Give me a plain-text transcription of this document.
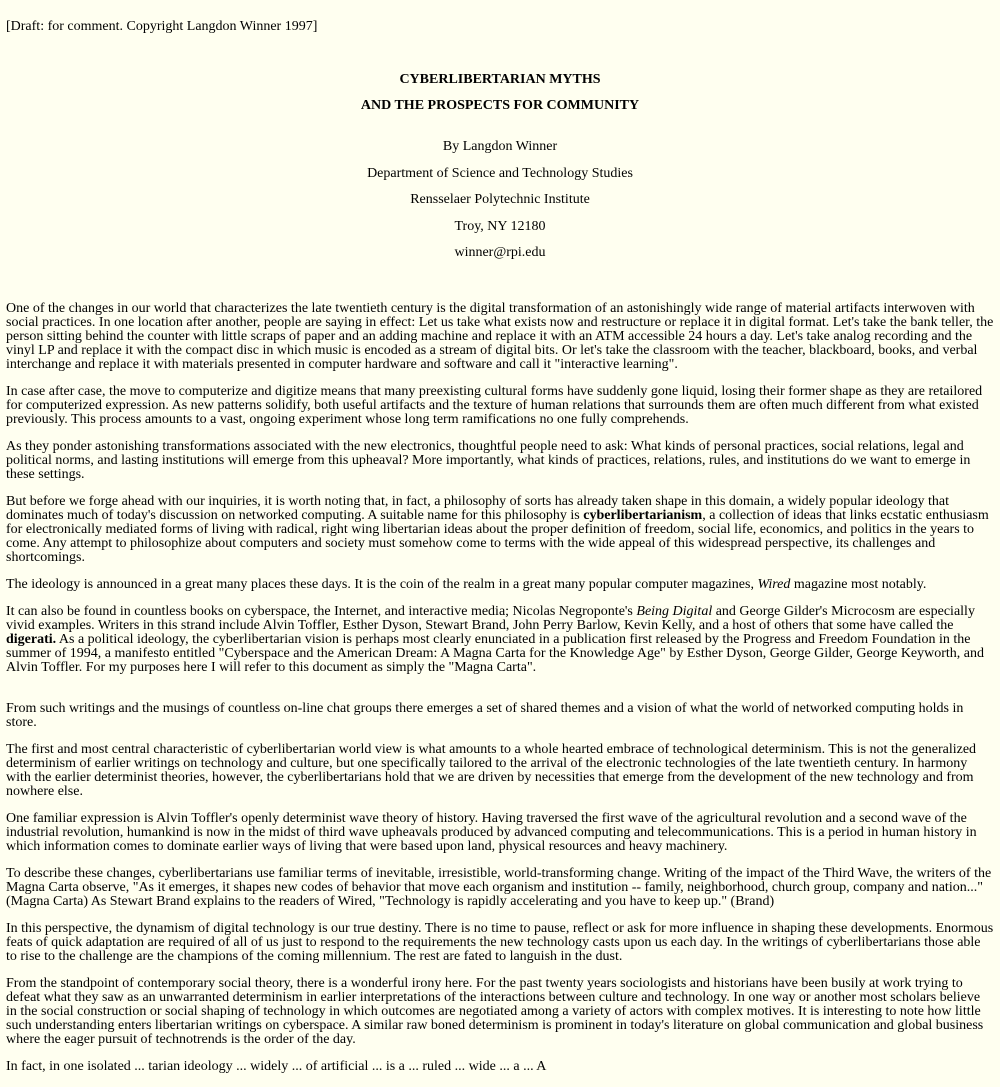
[Draft: for comment. Copyright Langdon Winner 1997]

CYBERLIBERTARIAN MYTHS

AND THE PROSPECTS FOR COMMUNITY

By Langdon Winner

Department of Science and Technology Studies

Rensselaer Polytechnic Institute

Troy, NY 12180

winner@rpi.edu

One of the changes in our world that characterizes the late twentieth century is the digital transformation of an astonishingly wide range of material artifacts interwoven with social practices. In one location after another, people are saying in effect: Let us take what exists now and restructure or replace it in digital format. Let's take the bank teller, the person sitting behind the counter with little scraps of paper and an adding machine and replace it with an ATM accessible 24 hours a day. Let's take analog recording and the vinyl LP and replace it with the compact disc in which music is encoded as a stream of digital bits. Or let's take the classroom with the teacher, blackboard, books, and verbal interchange and replace it with materials presented in computer hardware and software and call it "interactive learning".

In case after case, the move to computerize and digitize means that many preexisting cultural forms have suddenly gone liquid, losing their former shape as they are retailored for computerized expression. As new patterns solidify, both useful artifacts and the texture of human relations that surrounds them are often much different from what existed previously. This process amounts to a vast, ongoing experiment whose long term ramifications no one fully comprehends.

As they ponder astonishing transformations associated with the new electronics, thoughtful people need to ask: What kinds of personal practices, social relations, legal and political norms, and lasting institutions will emerge from this upheaval? More importantly, what kinds of practices, relations, rules, and institutions do we want to emerge in these settings.

But before we forge ahead with our inquiries, it is worth noting that, in fact, a philosophy of sorts has already taken shape in this domain, a widely popular ideology that dominates much of today's discussion on networked computing. A suitable name for this philosophy is cyberlibertarianism, a collection of ideas that links ecstatic enthusiasm for electronically mediated forms of living with radical, right wing libertarian ideas about the proper definition of freedom, social life, economics, and politics in the years to come. Any attempt to philosophize about computers and society must somehow come to terms with the wide appeal of this widespread perspective, its challenges and shortcomings.

The ideology is announced in a great many places these days. It is the coin of the realm in a great many popular computer magazines, Wired magazine most notably.

It can also be found in countless books on cyberspace, the Internet, and interactive media; Nicolas Negroponte's Being Digital and George Gilder's Microcosm are especially vivid examples. Writers in this strand include Alvin Toffler, Esther Dyson, Stewart Brand, John Perry Barlow, Kevin Kelly, and a host of others that some have called the digerati. As a political ideology, the cyberlibertarian vision is perhaps most clearly enunciated in a publication first released by the Progress and Freedom Foundation in the summer of 1994, a manifesto entitled "Cyberspace and the American Dream: A Magna Carta for the Knowledge Age" by Esther Dyson, George Gilder, George Keyworth, and Alvin Toffler. For my purposes here I will refer to this document as simply the "Magna Carta".

From such writings and the musings of countless on-line chat groups there emerges a set of shared themes and a vision of what the world of networked computing holds in store.

The first and most central characteristic of cyberlibertarian world view is what amounts to a whole hearted embrace of technological determinism. This is not the generalized determinism of earlier writings on technology and culture, but one specifically tailored to the arrival of the electronic technologies of the late twentieth century. In harmony with the earlier determinist theories, however, the cyberlibertarians hold that we are driven by necessities that emerge from the development of the new technology and from nowhere else.

One familiar expression is Alvin Toffler's openly determinist wave theory of history. Having traversed the first wave of the agricultural revolution and a second wave of the industrial revolution, humankind is now in the midst of third wave upheavals produced by advanced computing and telecommunications. This is a period in human history in which information comes to dominate earlier ways of living that were based upon land, physical resources and heavy machinery.

To describe these changes, cyberlibertarians use familiar terms of inevitable, irresistible, world-transforming change. Writing of the impact of the Third Wave, the writers of the Magna Carta observe, "As it emerges, it shapes new codes of behavior that move each organism and institution -- family, neighborhood, church group, company and nation..." (Magna Carta) As Stewart Brand explains to the readers of Wired, "Technology is rapidly accelerating and you have to keep up." (Brand)

In this perspective, the dynamism of digital technology is our true destiny. There is no time to pause, reflect or ask for more influence in shaping these developments. Enormous feats of quick adaptation are required of all of us just to respond to the requirements the new technology casts upon us each day. In the writings of cyberlibertarians those able to rise to the challenge are the champions of the coming millennium. The rest are fated to languish in the dust.

From the standpoint of contemporary social theory, there is a wonderful irony here. For the past twenty years sociologists and historians have been busily at work trying to defeat what they saw as an unwarranted determinism in earlier interpretations of the interactions between culture and technology. In one way or another most scholars believe in the social construction or social shaping of technology in which outcomes are negotiated among a variety of actors with complex motives. It is interesting to note how little such understanding enters libertarian writings on cyberspace. A similar raw boned determinism is prominent in today's literature on global communication and global business where the eager pursuit of technotrends is the order of the day.

In fact, in one isolated ... tarian ideology ... widely ... of artificial ... is a ... ruled ... wide ... a ... A
